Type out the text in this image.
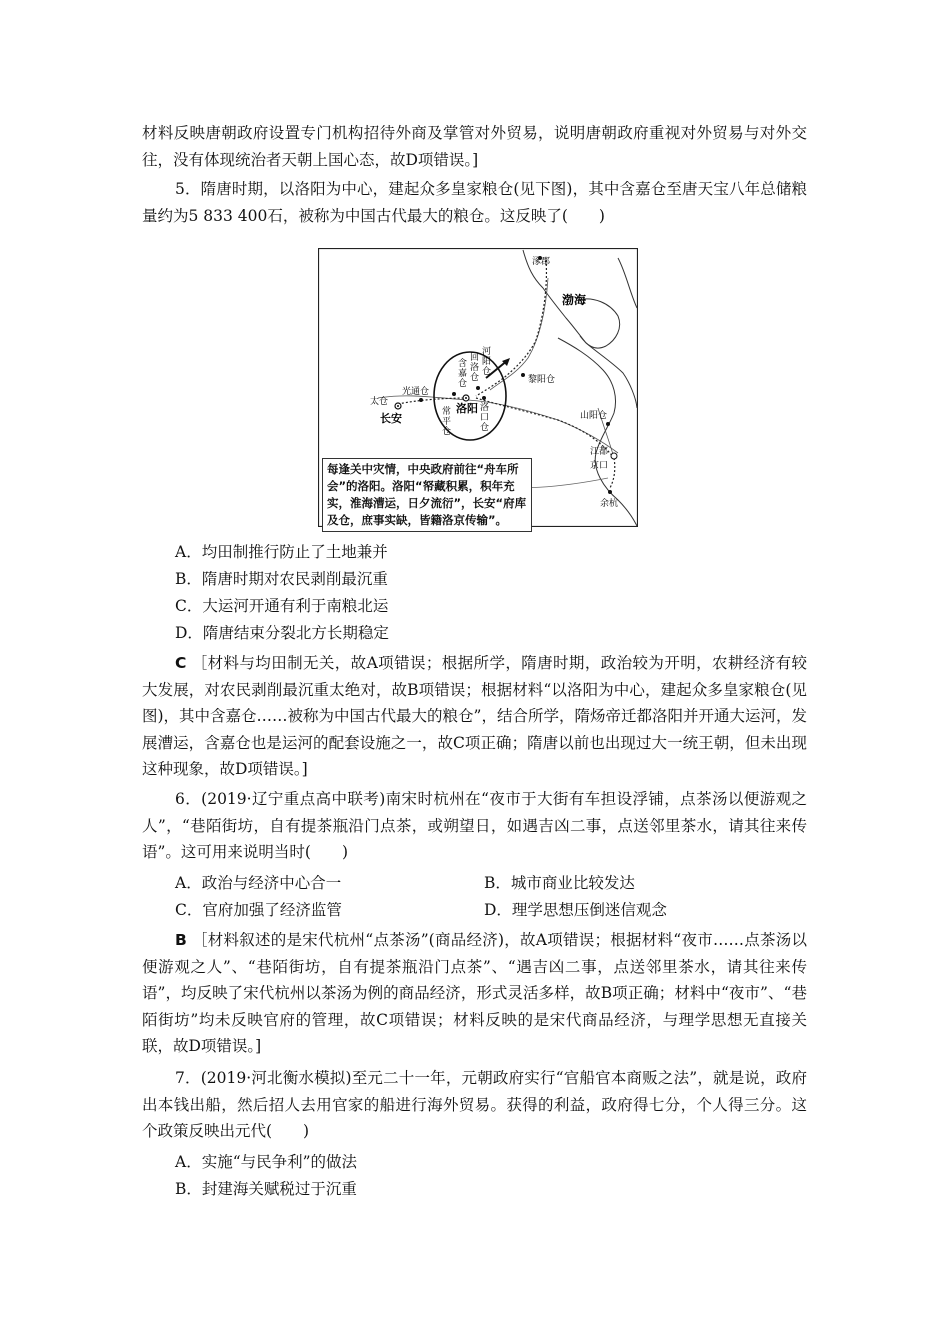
材料反映唐朝政府设置专门机构招待外商及掌管对外贸易，说明唐朝政府重视对外贸易与对外交往，没有体现统治者天朝上国心态，故D项错误。]

5．隋唐时期，以洛阳为中心，建起众多皇家粮仓(见下图)，其中含嘉仓至唐天宝八年总储粮量约为5 833 400石，被称为中国古代最大的粮仓。这反映了(　　)

涿郡
渤海
太仓
光通仓
长安
洛阳
黎阳仓
山阳仓
江都
京口
余杭
含嘉仓
回洛仓
河阳仓
常平仓
洛口仓
每逢关中灾情，中央政府前往“舟车所会”的洛阳。洛阳“帑藏积累，积年充实，淮海漕运，日夕流衍”，长安“府库及仓，庶事实缺，皆籍洛京传输”。

A．均田制推行防止了土地兼并

B．隋唐时期对农民剥削最沉重

C．大运河开通有利于南粮北运

D．隋唐结束分裂北方长期稳定

C ［材料与均田制无关，故A项错误；根据所学，隋唐时期，政治较为开明，农耕经济有较大发展，对农民剥削最沉重太绝对，故B项错误；根据材料“以洛阳为中心，建起众多皇家粮仓(见图)，其中含嘉仓……被称为中国古代最大的粮仓”，结合所学，隋炀帝迁都洛阳并开通大运河，发展漕运，含嘉仓也是运河的配套设施之一，故C项正确；隋唐以前也出现过大一统王朝，但未出现这种现象，故D项错误。]

6．(2019·辽宁重点高中联考)南宋时杭州在“夜市于大街有车担设浮铺，点茶汤以便游观之人”，“巷陌街坊，自有提茶瓶沿门点茶，或朔望日，如遇吉凶二事，点送邻里茶水，请其往来传语”。这可用来说明当时(　　)

A．政治与经济中心合一	B．城市商业比较发达

C．官府加强了经济监管	D．理学思想压倒迷信观念

B ［材料叙述的是宋代杭州“点茶汤”(商品经济)，故A项错误；根据材料“夜市……点茶汤以便游观之人”、“巷陌街坊，自有提茶瓶沿门点茶”、“遇吉凶二事，点送邻里茶水，请其往来传语”，均反映了宋代杭州以茶汤为例的商品经济，形式灵活多样，故B项正确；材料中“夜市”、“巷陌街坊”均未反映官府的管理，故C项错误；材料反映的是宋代商品经济，与理学思想无直接关联，故D项错误。]

7．(2019·河北衡水模拟)至元二十一年，元朝政府实行“官船官本商贩之法”，就是说，政府出本钱出船，然后招人去用官家的船进行海外贸易。获得的利益，政府得七分，个人得三分。这个政策反映出元代(　　)

A．实施“与民争利”的做法

B．封建海关赋税过于沉重
